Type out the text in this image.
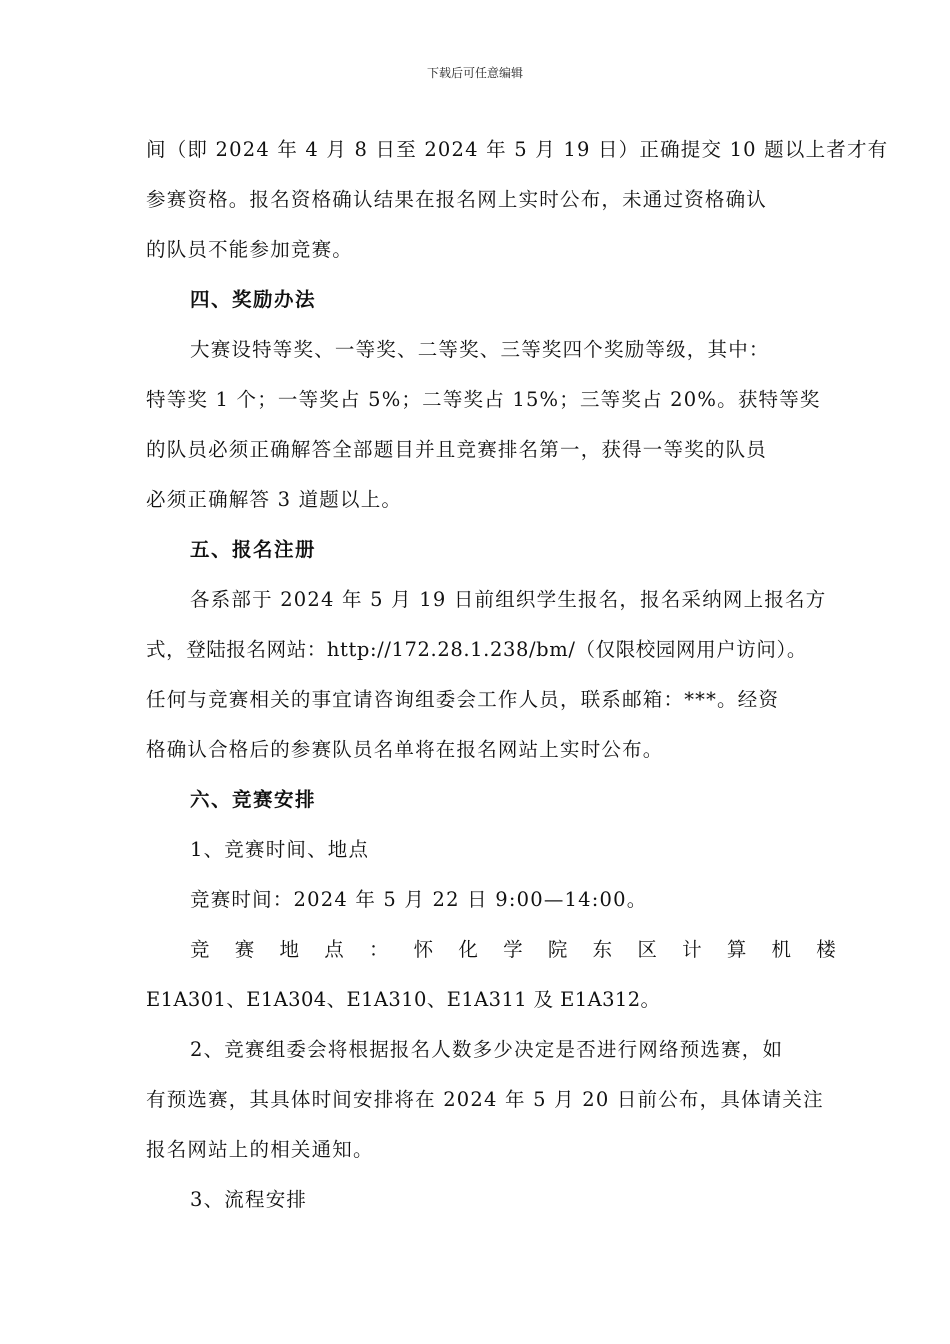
下载后可任意编辑
间（即 2024 年 4 月 8 日至 2024 年 5 月 19 日）正确提交 10 题以上者才有
参赛资格。报名资格确认结果在报名网上实时公布，未通过资格确认
的队员不能参加竞赛。
四、奖励办法
大赛设特等奖、一等奖、二等奖、三等奖四个奖励等级，其中：
特等奖 1 个；一等奖占 5%；二等奖占 15%；三等奖占 20%。获特等奖
的队员必须正确解答全部题目并且竞赛排名第一，获得一等奖的队员
必须正确解答 3 道题以上。
五、报名注册
各系部于 2024 年 5 月 19 日前组织学生报名，报名采纳网上报名方
式，登陆报名网站：http://172.28.1.238/bm/（仅限校园网用户访问）。
任何与竞赛相关的事宜请咨询组委会工作人员，联系邮箱：***。经资
格确认合格后的参赛队员名单将在报名网站上实时公布。
六、竞赛安排
1、竞赛时间、地点
竞赛时间：2024 年 5 月 22 日 9:00—14:00。
竞 赛 地 点 ： 怀 化 学 院 东 区 计 算 机 楼
E1A301、E1A304、E1A310、E1A311 及 E1A312。
2、竞赛组委会将根据报名人数多少决定是否进行网络预选赛，如
有预选赛，其具体时间安排将在 2024 年 5 月 20 日前公布，具体请关注
报名网站上的相关通知。
3、流程安排
